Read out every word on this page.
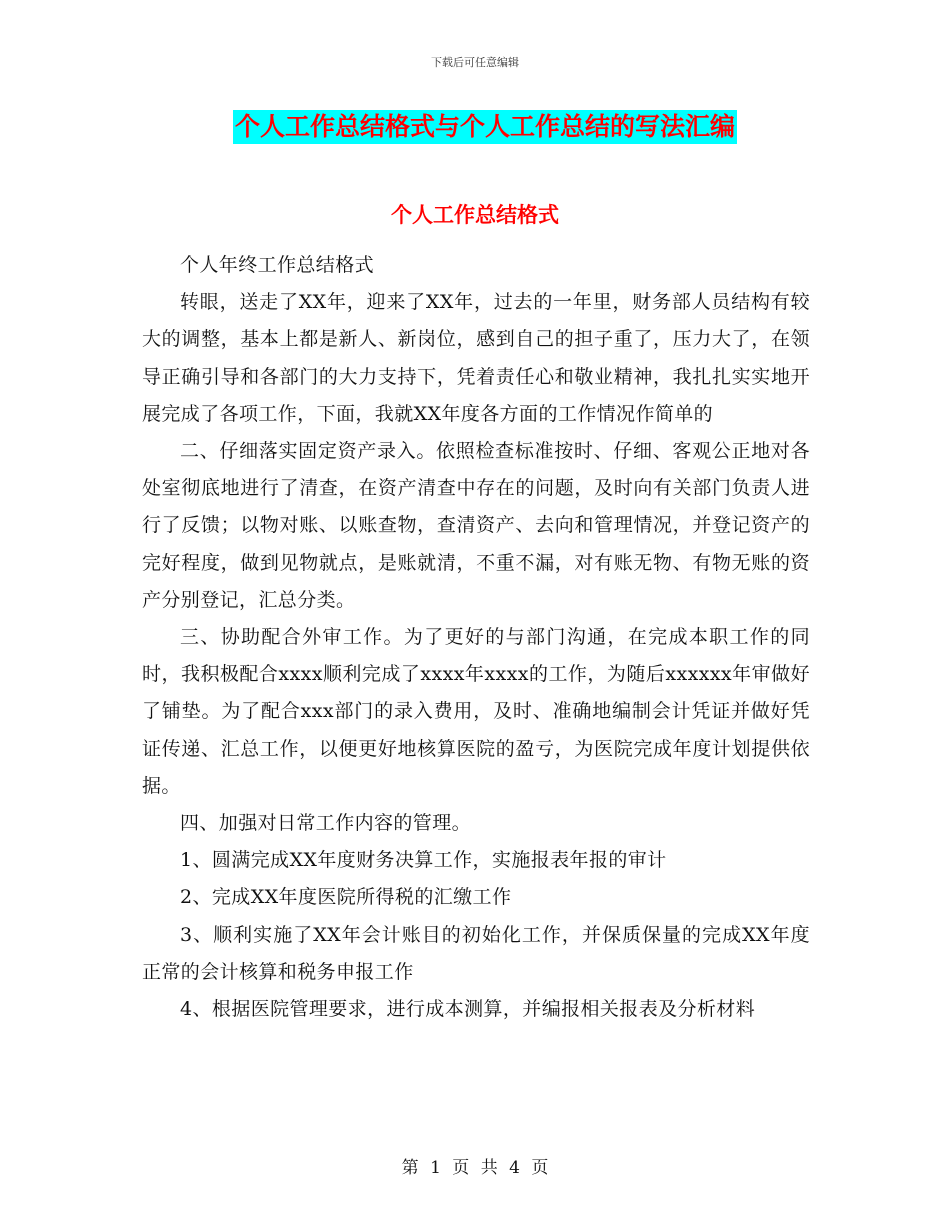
下载后可任意编辑
个人工作总结格式与个人工作总结的写法汇编
个人工作总结格式

个人年终工作总结格式

转眼，送走了XX年，迎来了XX年，过去的一年里，财务部人员结构有较大的调整，基本上都是新人、新岗位，感到自己的担子重了，压力大了，在领导正确引导和各部门的大力支持下，凭着责任心和敬业精神，我扎扎实实地开展完成了各项工作，下面，我就XX年度各方面的工作情况作简单的

二、仔细落实固定资产录入。依照检查标准按时、仔细、客观公正地对各处室彻底地进行了清查，在资产清查中存在的问题，及时向有关部门负责人进行了反馈；以物对账、以账查物，查清资产、去向和管理情况，并登记资产的完好程度，做到见物就点，是账就清，不重不漏，对有账无物、有物无账的资产分别登记，汇总分类。

三、协助配合外审工作。为了更好的与部门沟通，在完成本职工作的同时，我积极配合xxxx顺利完成了xxxx年xxxx的工作，为随后xxxxxx年审做好了铺垫。为了配合xxx部门的录入费用，及时、准确地编制会计凭证并做好凭证传递、汇总工作，以便更好地核算医院的盈亏，为医院完成年度计划提供依据。

四、加强对日常工作内容的管理。

1、圆满完成XX年度财务决算工作，实施报表年报的审计

2、完成XX年度医院所得税的汇缴工作

3、顺利实施了XX年会计账目的初始化工作，并保质保量的完成XX年度正常的会计核算和税务申报工作

4、根据医院管理要求，进行成本测算，并编报相关报表及分析材料

第 1 页 共 4 页
